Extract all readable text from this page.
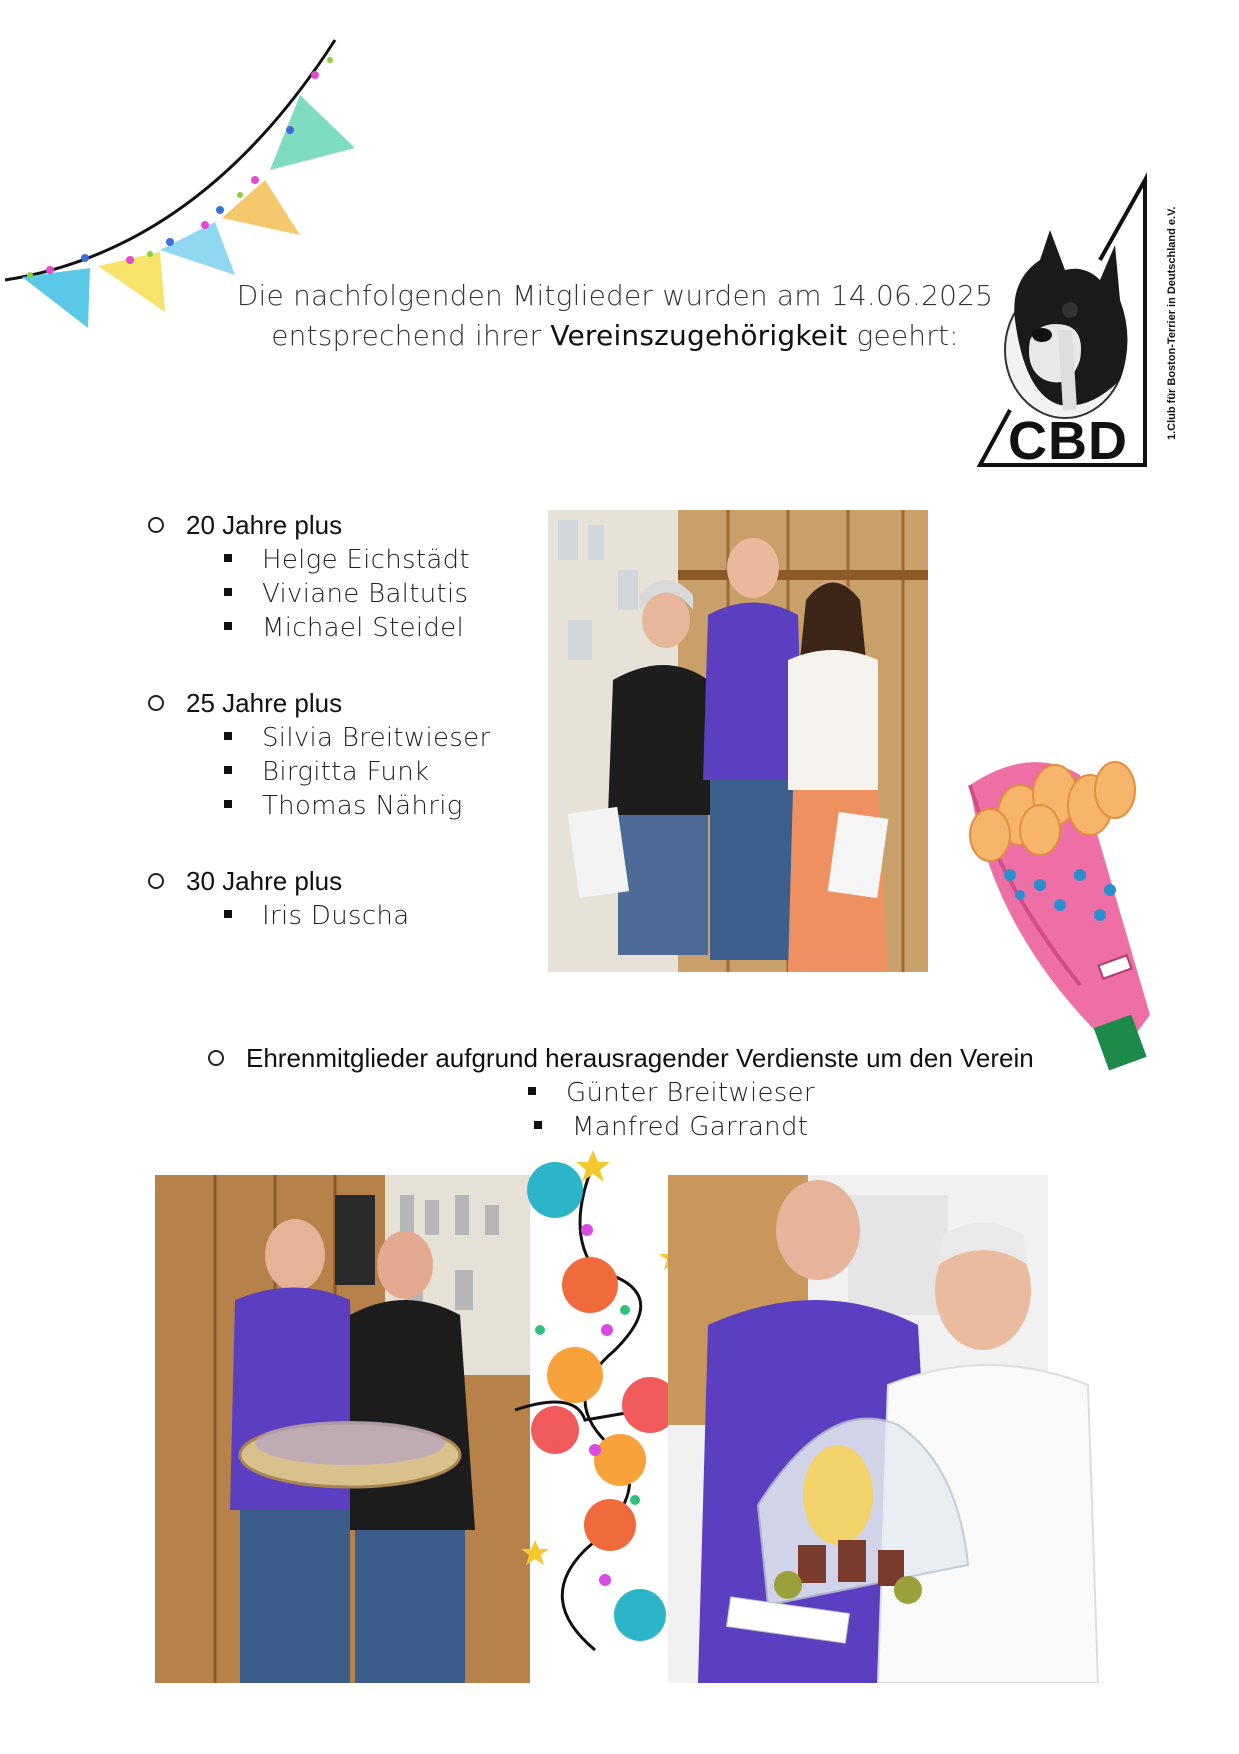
Die nachfolgenden Mitglieder wurden am 14.06.2025
entsprechend ihrer Vereinszugehörigkeit geehrt:
CBD
1.Club für Boston-Terrier in Deutschland e.V.
20 Jahre plus
Helge Eichstädt
Viviane Baltutis
Michael Steidel
25 Jahre plus
Silvia Breitwieser
Birgitta Funk
Thomas Nährig
30 Jahre plus
Iris Duscha
Ehrenmitglieder aufgrund herausragender Verdienste um den Verein
Günter Breitwieser
Manfred Garrandt
